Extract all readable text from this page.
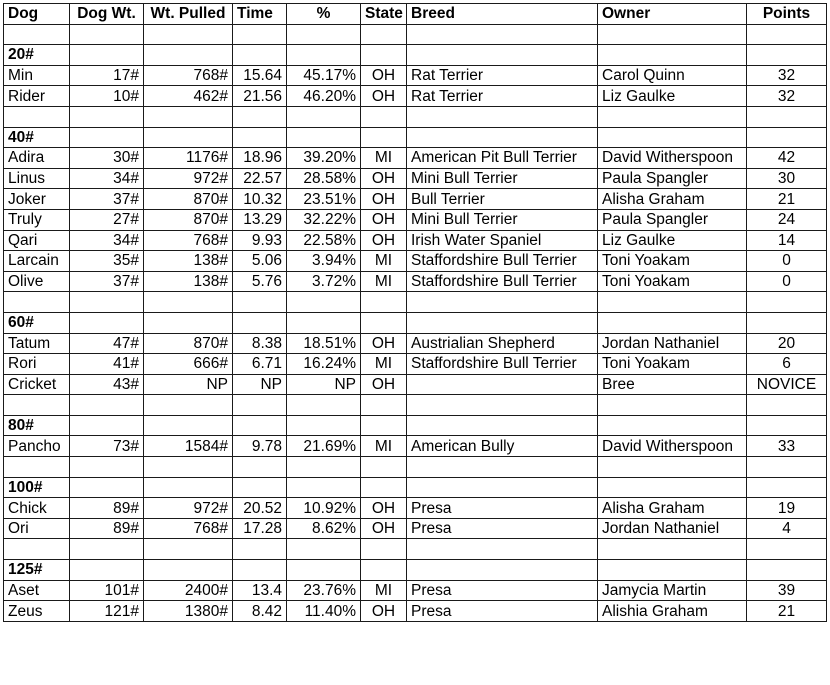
Dog	Dog Wt.	Wt. Pulled	Time	%	State	Breed	Owner	Points

20#								
Min	17#	768#	15.64	45.17%	OH	Rat Terrier	Carol Quinn	32
Rider	10#	462#	21.56	46.20%	OH	Rat Terrier	Liz Gaulke	32

40#								
Adira	30#	1176#	18.96	39.20%	MI	American Pit Bull Terrier	David Witherspoon	42
Linus	34#	972#	22.57	28.58%	OH	Mini Bull Terrier	Paula Spangler	30
Joker	37#	870#	10.32	23.51%	OH	Bull Terrier	Alisha Graham	21
Truly	27#	870#	13.29	32.22%	OH	Mini Bull Terrier	Paula Spangler	24
Qari	34#	768#	9.93	22.58%	OH	Irish Water Spaniel	Liz Gaulke	14
Larcain	35#	138#	5.06	3.94%	MI	Staffordshire Bull Terrier	Toni Yoakam	0
Olive	37#	138#	5.76	3.72%	MI	Staffordshire Bull Terrier	Toni Yoakam	0

60#								
Tatum	47#	870#	8.38	18.51%	OH	Austrialian Shepherd	Jordan Nathaniel	20
Rori	41#	666#	6.71	16.24%	MI	Staffordshire Bull Terrier	Toni Yoakam	6
Cricket	43#	NP	NP	NP	OH		Bree	NOVICE

80#								
Pancho	73#	1584#	9.78	21.69%	MI	American Bully	David Witherspoon	33

100#								
Chick	89#	972#	20.52	10.92%	OH	Presa	Alisha Graham	19
Ori	89#	768#	17.28	8.62%	OH	Presa	Jordan Nathaniel	4

125#								
Aset	101#	2400#	13.4	23.76%	MI	Presa	Jamycia Martin	39
Zeus	121#	1380#	8.42	11.40%	OH	Presa	Alishia Graham	21
